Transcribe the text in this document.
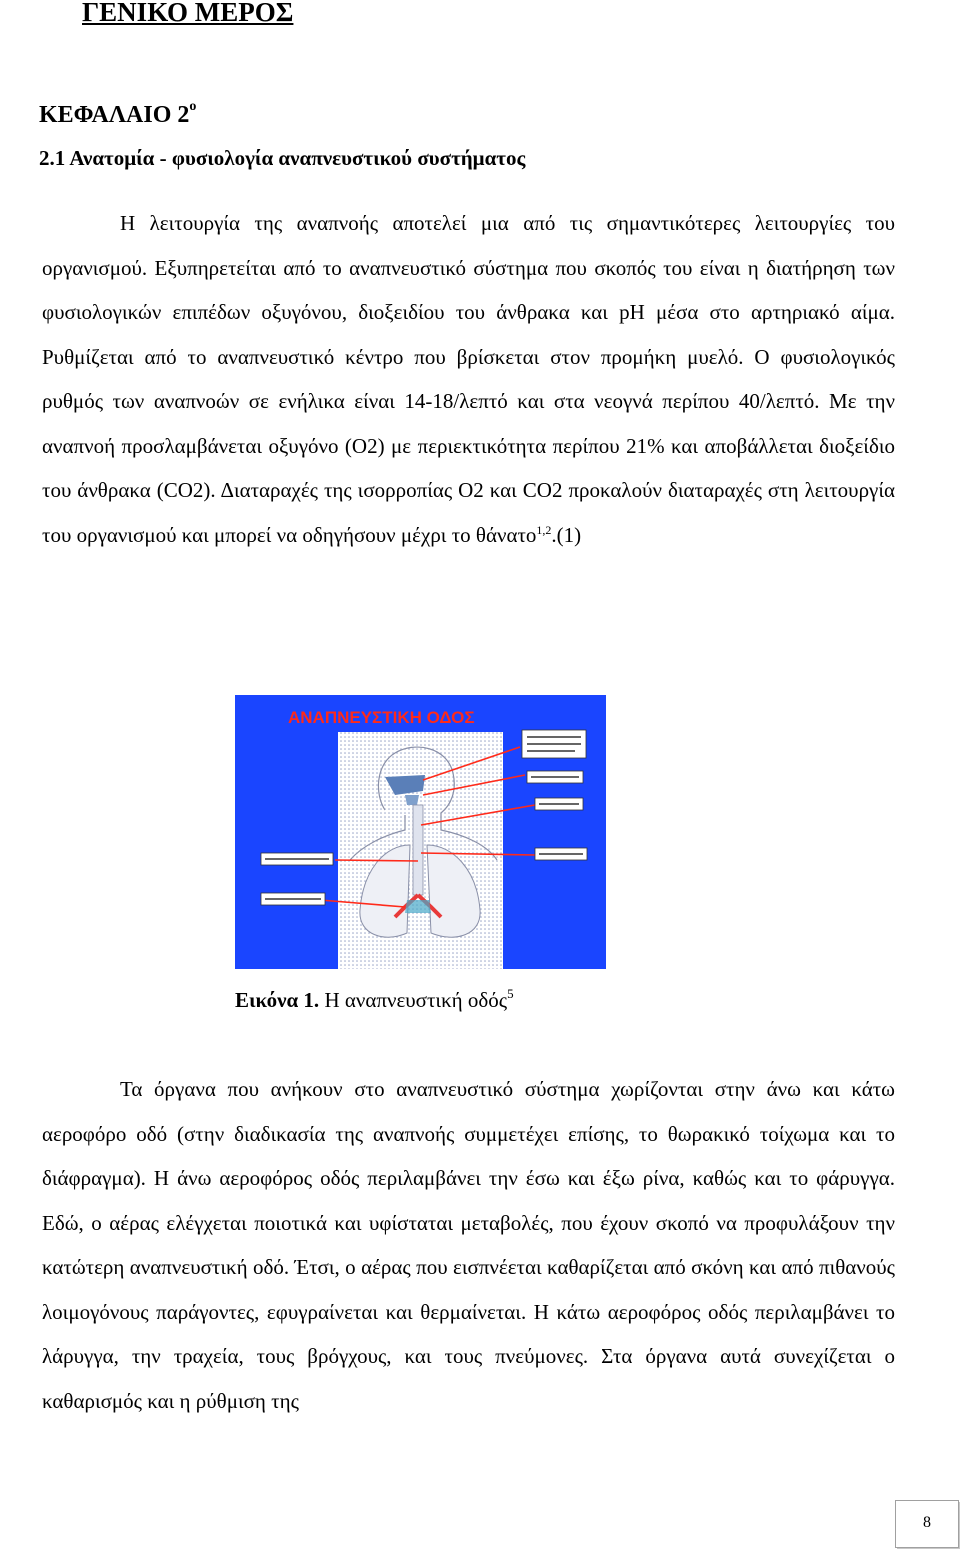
ΓΕΝΙΚΟ ΜΕΡΟΣ
ΚΕΦΑΛΑΙΟ $2^o$
2.1 Ανατομία - φυσιολογία αναπνευστικού συστήματος

Η λειτουργία της αναπνοής αποτελεί μια από τις σημαντικότερες λειτουργίες του οργανισμού. Εξυπηρετείται από το αναπνευστικό σύστημα που σκοπός του είναι η διατήρηση των φυσιολογικών επιπέδων οξυγόνου, διοξειδίου του άνθρακα και pH μέσα στο αρτηριακό αίμα. Ρυθμίζεται από το αναπνευστικό κέντρο που βρίσκεται στον προμήκη μυελό. Ο φυσιολογικός ρυθμός των αναπνοών σε ενήλικα είναι 14-18/λεπτό και στα νεογνά περίπου 40/λεπτό. Με την αναπνοή προσλαμβάνεται οξυγόνο (Ο2) με περιεκτικότητα περίπου 21% και αποβάλλεται διοξείδιο του άνθρακα (CO2). Διαταραχές της ισορροπίας Ο2 και CO2 προκαλούν διαταραχές στη λειτουργία του οργανισμού και μπορεί να οδηγήσουν μέχρι το θάνατο$^{1,2}$.(1)

ΑΝΑΠΝΕΥΣΤΙΚΗ ΟΔΟΣ

Εικόνα 1. Η αναπνευστική οδός$^5$

Τα όργανα που ανήκουν στο αναπνευστικό σύστημα χωρίζονται στην άνω και κάτω αεροφόρο οδό (στην διαδικασία της αναπνοής συμμετέχει επίσης, το θωρακικό τοίχωμα και το διάφραγμα). Η άνω αεροφόρος οδός περιλαμβάνει την έσω και έξω ρίνα, καθώς και το φάρυγγα. Εδώ, ο αέρας ελέγχεται ποιοτικά και υφίσταται μεταβολές, που έχουν σκοπό να προφυλάξουν την κατώτερη αναπνευστική οδό. Έτσι, ο αέρας που εισπνέεται καθαρίζεται από σκόνη και από πιθανούς λοιμογόνους παράγοντες, εφυγραίνεται και θερμαίνεται. Η κάτω αεροφόρος οδός περιλαμβάνει το λάρυγγα, την τραχεία, τους βρόγχους, και τους πνεύμονες. Στα όργανα αυτά συνεχίζεται ο καθαρισμός και η ρύθμιση της

8
